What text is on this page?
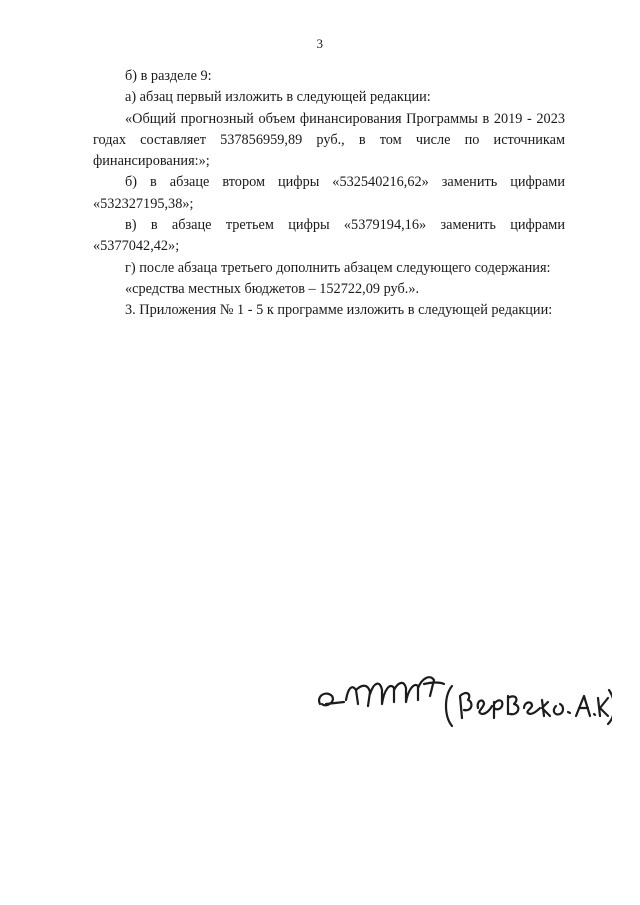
3

б) в разделе 9:

а) абзац первый изложить в следующей редакции:

«Общий прогнозный объем финансирования Программы в 2019 - 2023 годах составляет 537856959,89 руб., в том числе по источникам финансирования:»;

б) в абзаце втором цифры «532540216,62» заменить цифрами «532327195,38»;

в) в абзаце третьем цифры «5379194,16» заменить цифрами «5377042,42»;

г) после абзаца третьего дополнить абзацем следующего содержания:

«средства местных бюджетов – 152722,09 руб.».

3. Приложения № 1 - 5 к программе изложить в следующей редакции:
